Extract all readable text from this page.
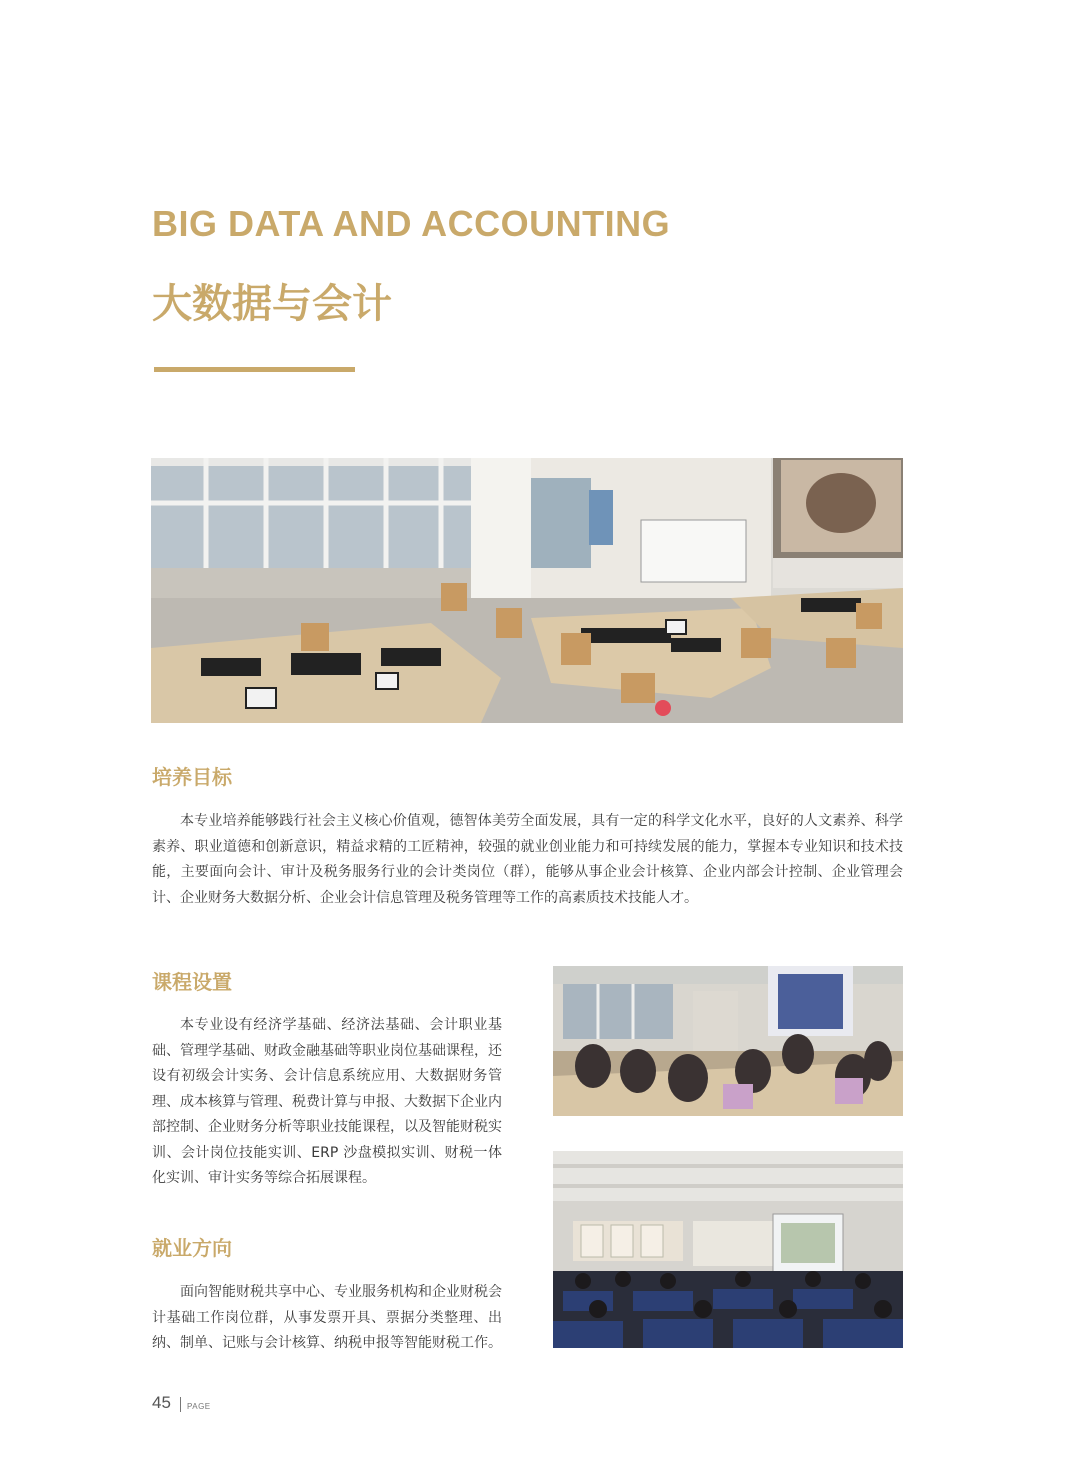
BIG DATA AND ACCOUNTING
大数据与会计
培养目标
本专业培养能够践行社会主义核心价值观，德智体美劳全面发展，具有一定的科学文化水平，良好的人文素养、科学素养、职业道德和创新意识，精益求精的工匠精神，较强的就业创业能力和可持续发展的能力，掌握本专业知识和技术技能，主要面向会计、审计及税务服务行业的会计类岗位（群），能够从事企业会计核算、企业内部会计控制、企业管理会计、企业财务大数据分析、企业会计信息管理及税务管理等工作的高素质技术技能人才。
课程设置
本专业设有经济学基础、经济法基础、会计职业基础、管理学基础、财政金融基础等职业岗位基础课程，还设有初级会计实务、会计信息系统应用、大数据财务管理、成本核算与管理、税费计算与申报、大数据下企业内部控制、企业财务分析等职业技能课程，以及智能财税实训、会计岗位技能实训、ERP 沙盘模拟实训、财税一体化实训、审计实务等综合拓展课程。
就业方向
面向智能财税共享中心、专业服务机构和企业财税会计基础工作岗位群，从事发票开具、票据分类整理、出纳、制单、记账与会计核算、纳税申报等智能财税工作。
45 PAGE
